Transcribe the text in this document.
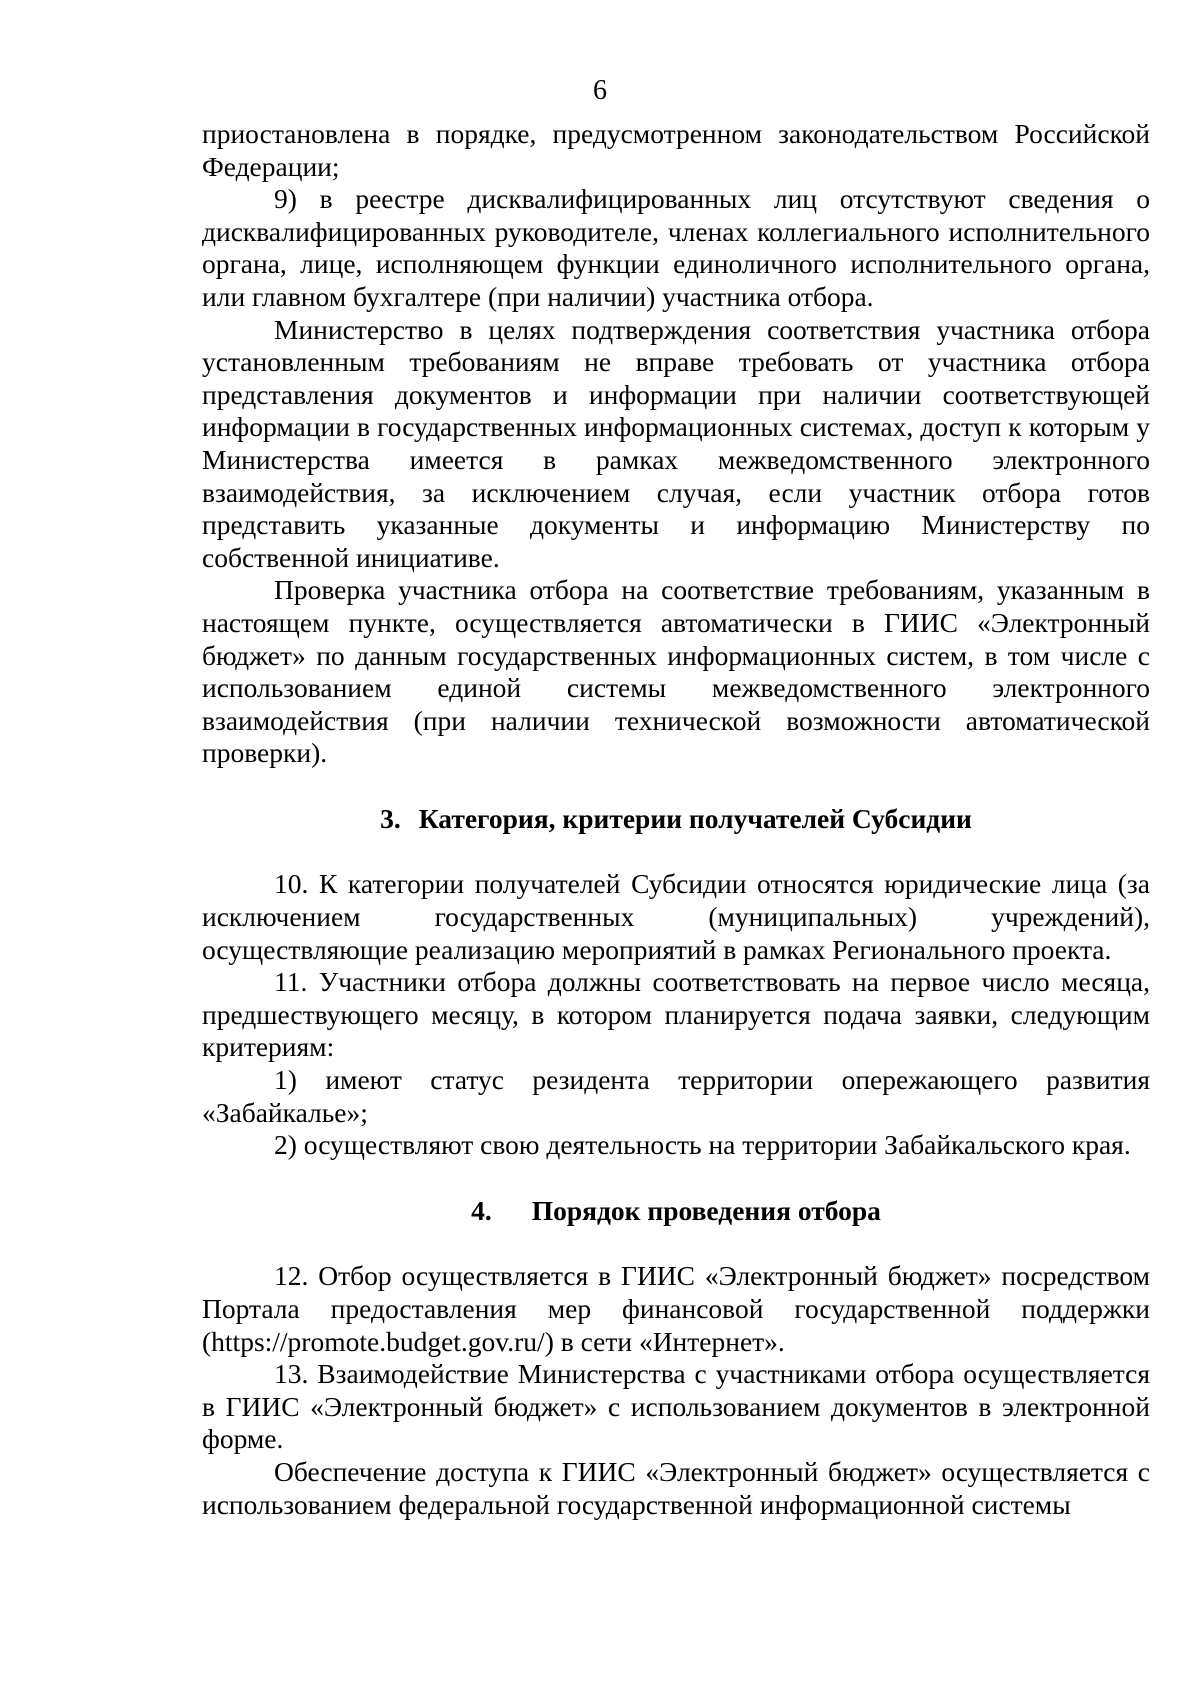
6

приостановлена в порядке, предусмотренном законодательством Российской Федерации;

9) в реестре дисквалифицированных лиц отсутствуют сведения о дисквалифицированных руководителе, членах коллегиального исполнительного органа, лице, исполняющем функции единоличного исполнительного органа, или главном бухгалтере (при наличии) участника отбора.

Министерство в целях подтверждения соответствия участника отбора установленным требованиям не вправе требовать от участника отбора представления документов и информации при наличии соответствующей информации в государственных информационных системах, доступ к которым у Министерства имеется в рамках межведомственного электронного взаимодействия, за исключением случая, если участник отбора готов представить указанные документы и информацию Министерству по собственной инициативе.

Проверка участника отбора на соответствие требованиям, указанным в настоящем пункте, осуществляется автоматически в ГИИС «Электронный бюджет» по данным государственных информационных систем, в том числе с использованием единой системы межведомственного электронного взаимодействия (при наличии технической возможности автоматической проверки).

3. Категория, критерии получателей Субсидии

10. К категории получателей Субсидии относятся юридические лица (за исключением государственных (муниципальных) учреждений), осуществляющие реализацию мероприятий в рамках Регионального проекта.

11. Участники отбора должны соответствовать на первое число месяца, предшествующего месяцу, в котором планируется подача заявки, следующим критериям:

1) имеют статус резидента территории опережающего развития «Забайкалье»;

2) осуществляют свою деятельность на территории Забайкальского края.

4. Порядок проведения отбора

12. Отбор осуществляется в ГИИС «Электронный бюджет» посредством Портала предоставления мер финансовой государственной поддержки (https://promote.budget.gov.ru/) в сети «Интернет».

13. Взаимодействие Министерства с участниками отбора осуществляется в ГИИС «Электронный бюджет» с использованием документов в электронной форме.

Обеспечение доступа к ГИИС «Электронный бюджет» осуществляется с использованием федеральной государственной информационной системы
